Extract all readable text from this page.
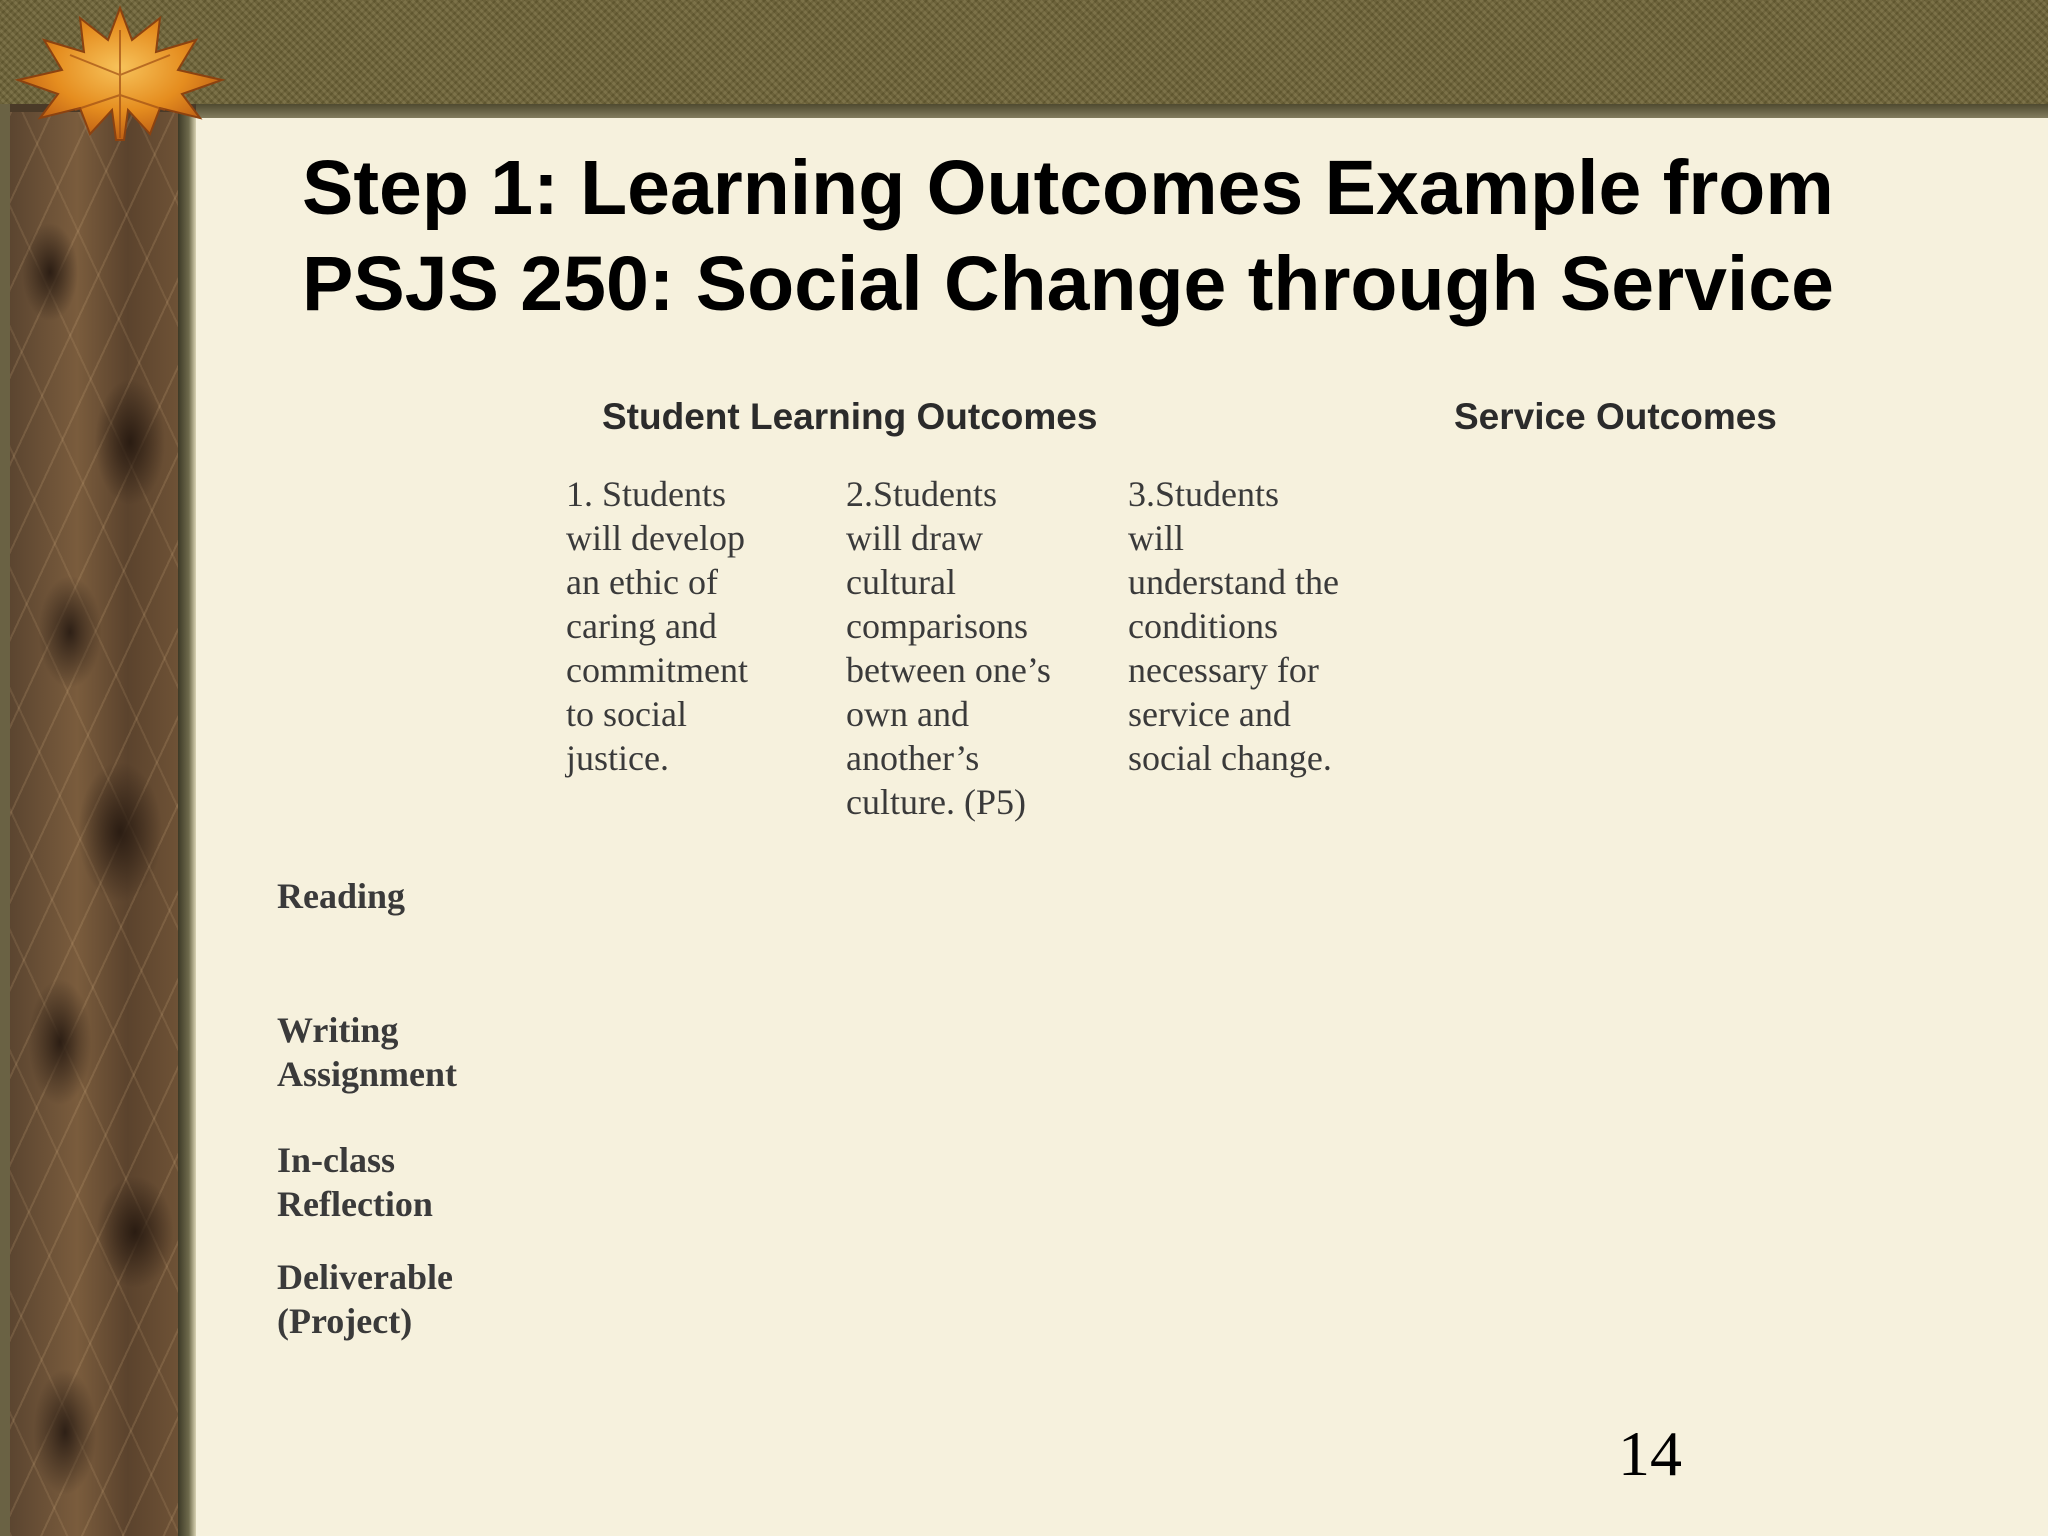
Step 1: Learning Outcomes Example from
PSJS 250: Social Change through Service
Student Learning Outcomes	Service Outcomes
1. Students
will develop
an ethic of
caring and
commitment
to social
justice.
2.Students
will draw
cultural
comparisons
between one’s
own and
another’s
culture. (P5)
3.Students
will
understand the
conditions
necessary for
service and
social change.
Reading
Writing
Assignment
In-class
Reflection
Deliverable
(Project)
14
